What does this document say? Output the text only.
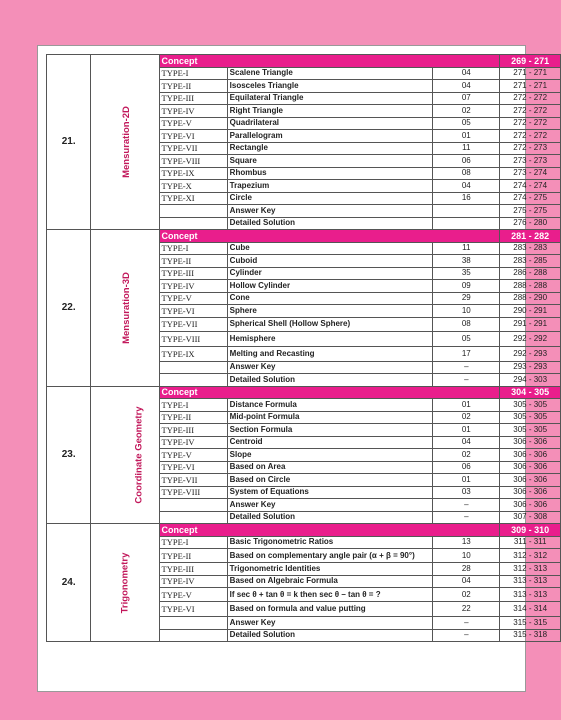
21.	Mensuration-2D	Concept			269 - 271
		TYPE-I	Scalene Triangle	04	271 - 271
		TYPE-II	Isosceles Triangle	04	271 - 271
		TYPE-III	Equilateral Triangle	07	272 - 272
		TYPE-IV	Right Triangle	02	272 - 272
		TYPE-V	Quadrilateral	05	272 - 272
		TYPE-VI	Parallelogram	01	272 - 272
		TYPE-VII	Rectangle	11	272 - 273
		TYPE-VIII	Square	06	273 - 273
		TYPE-IX	Rhombus	08	273 - 274
		TYPE-X	Trapezium	04	274 - 274
		TYPE-XI	Circle	16	274 - 275
			Answer Key		275 - 275
			Detailed Solution		276 - 280
22.	Mensuration-3D	Concept			281 - 282
		TYPE-I	Cube	11	283 - 283
		TYPE-II	Cuboid	38	283 - 285
		TYPE-III	Cylinder	35	286 - 288
		TYPE-IV	Hollow Cylinder	09	288 - 288
		TYPE-V	Cone	29	288 - 290
		TYPE-VI	Sphere	10	290 - 291
		TYPE-VII	Spherical Shell (Hollow Sphere)	08	291 - 291
		TYPE-VIII	Hemisphere	05	292 - 292
		TYPE-IX	Melting and Recasting	17	292 - 293
			Answer Key	–	293 - 293
			Detailed Solution	–	294 - 303
23.	Coordinate Geometry	Concept			304 - 305
		TYPE-I	Distance Formula	01	305 - 305
		TYPE-II	Mid-point Formula	02	305 - 305
		TYPE-III	Section Formula	01	305 - 305
		TYPE-IV	Centroid	04	306 - 306
		TYPE-V	Slope	02	306 - 306
		TYPE-VI	Based on Area	06	306 - 306
		TYPE-VII	Based on Circle	01	306 - 306
		TYPE-VIII	System of Equations	03	306 - 306
			Answer Key	–	306 - 306
			Detailed Solution	–	307 - 308
24.	Trigonometry	Concept			309 - 310
		TYPE-I	Basic Trigonometric Ratios	13	311 - 311
		TYPE-II	Based on complementary angle pair (α + β = 90°)	10	312 - 312
		TYPE-III	Trigonometric Identities	28	312 - 313
		TYPE-IV	Based on Algebraic Formula	04	313 - 313
		TYPE-V	If sec θ + tan θ = k then sec θ – tan θ = ?	02	313 - 313
		TYPE-VI	Based on formula and value putting	22	314 - 314
			Answer Key	–	315 - 315
			Detailed Solution	–	315 - 318
